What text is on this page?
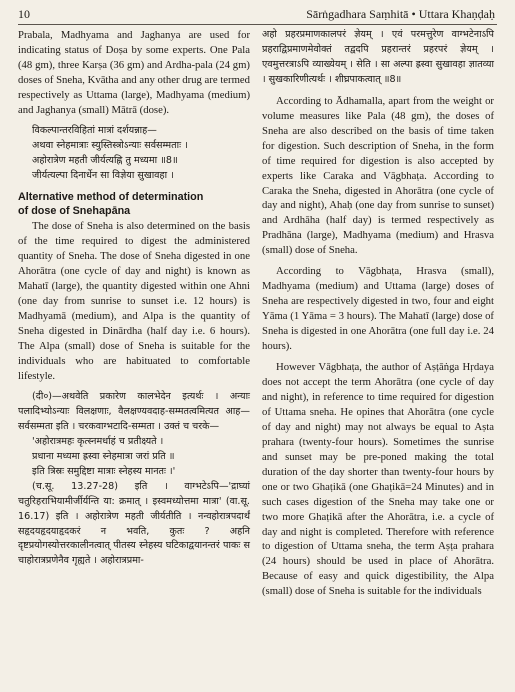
10	Sārṅgadhara Saṃhitā • Uttara Khaṇḍaḥ

Prabala, Madhyama and Jaghanya are used for indicating status of Doṣa by some experts. One Pala (48 gm), three Karṣa (36 gm) and Ardha-pala (24 gm) doses of Sneha, Kvātha and any other drug are termed respectively as Uttama (large), Madhyama (medium) and Jaghanya (small) Mātrā (dose).

विकल्पान्तरविहितां मात्रां दर्शयन्नाह—

अथवा स्नेहमात्राः स्युस्तिस्त्रोऽन्याः सर्वसम्मताः ।

अहोरात्रेण महती जीर्यत्यह्नि तु मध्यमा ॥8॥

जीर्यत्यल्पा दिनार्धेन सा विज्ञेया सुखावहा ।

Alternative method of determination

of dose of Snehapāna

The dose of Sneha is also determined on the basis of the time required to digest the administered quantity of Sneha. The dose of Sneha digested in one Ahorātra (one cycle of day and night) is known as Mahatī (large), the quantity digested within one Ahni (one day from sunrise to sunset i.e. 12 hours) is Madhyamā (medium), and Alpa is the quantity of Sneha digested in Dinārdha (half day i.e. 6 hours). The Alpa (small) dose of Sneha is suitable for the individuals who are habituated to comfortable lifestyle.

(दी०)—अथवेति प्रकारेण कालभेदेन इत्यर्थः । अन्याः पलादिभ्योऽन्याः विलक्षणाः, वैलक्षण्यवदाह-सम्मतत्वमित्यत आह—सर्वसम्मता इति । चरकवाग्भटादि-सम्मता । उक्तं च चरके—

'अहोरात्रमहः कृत्स्नमर्धाहं च प्रतीक्ष्यते ।

प्रधाना मध्यमा ह्रस्वा स्नेहमात्रा जरां प्रति ॥

इति त्रिस्रः समुद्दिष्टा मात्राः स्नेहस्य मानतः ।'

(च.सू. 13.27-28) इति । वाग्भटेऽपि—'द्राघ्यां चतुरिहराभियामीर्जीर्यन्ति या: क्रमात् । इस्वमध्योत्तमा मात्रा' (वा.सू. 16.17) इति । अहोरात्रेण महती जीर्यतीति । नन्वहोरात्रपदार्थं सहृदयहृदयाहृदकरं न भवति, कुतः ? अहनि दृष्टप्रयोगस्योत्तरकालीनत्वात् पीतस्य स्नेहस्य घटिकाद्वयानन्तरं पाकः स चाहोरात्रप्रणेनैव गृह्यते । अहोरात्रप्रमा-

अहो प्रहरप्रमाणकालपरं ज्ञेयम् । एवं परमत्तुरेण वाग्भटेनाऽपि प्रहराद्विप्रमाणमेवोक्तं तद्वदपि प्रहरान्तरं प्रहरपरं ज्ञेयम् । एवमुत्तरत्राऽपि व्याख्येयम् । सेति । सा अल्पा ह्रस्वा सुखावहा ज्ञातव्या । सुखकारिणीत्यर्थः । शीघ्रपाकत्वात् ॥8॥

According to Ādhamalla, apart from the weight or volume measures like Pala (48 gm), the doses of Sneha are also described on the basis of time taken for digestion. Such description of Sneha, in the form of time required for digestion is also accepted by experts like Caraka and Vāgbhaṭa. According to Caraka the Sneha, digested in Ahorātra (one cycle of day and night), Ahaḥ (one day from sunrise to sunset) and Ardhāha (half day) is termed respectively as Pradhāna (large), Madhyama (medium) and Hrasva (small) dose of Sneha.

According to Vāgbhaṭa, Hrasva (small), Madhyama (medium) and Uttama (large) doses of Sneha are respectively digested in two, four and eight Yāma (1 Yāma = 3 hours). The Mahatī (large) dose of Sneha is digested in one Ahorātra (one full day i.e. 24 hours).

However Vāgbhaṭa, the author of Aṣṭāṅga Hṛdaya does not accept the term Ahorātra (one cycle of day and night), in reference to time required for digestion of Uttama sneha. He opines that Ahorātra (one cycle of day and night) may not always be equal to Aṣta prahara (twenty-four hours). Sometimes the sunrise and sunset may be pre-poned making the total duration of the day shorter than twenty-four hours by one or two Ghaṭikā (one Ghaṭikā=24 Minutes) and in such cases digestion of the Sneha may take one or two more Ghaṭikā after the Ahorātra, i.e. a cycle of day and night is completed. Therefore with reference to digestion of Uttama sneha, the term Aṣṭa prahara (24 hours) should be used in place of Ahorātra. Because of easy and quick digestibility, the Alpa (small) dose of Sneha is suitable for the individuals
